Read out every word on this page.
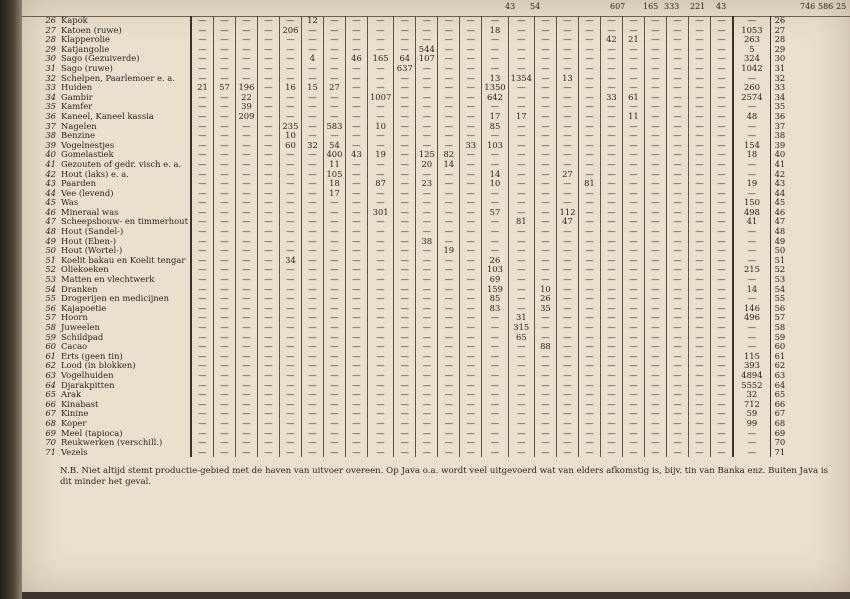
43 54	607 165 333 221 43	746 586 25
26	Kapok	—	—	—	—	—	12	—	—	—	—	—	—	—	—	—	—	—	—	—	—	—	—	—	—	—	26
27	Katoen (ruwe)	—	—	—	—	206	—	—	—	—	—	—	—	—	18	—	—	—	—	—	—	—	—	—	—	1053	27
28	Klapperolie	—	—	—	—	—	—	—	—	—	—	—	—	—	—	—	—	—	—	42	21	—	—	—	—	263	28
29	Katjangolie	—	—	—	—	—	—	—	—	—	—	544	—	—	—	—	—	—	—	—	—	—	—	—	—	5	29
30	Sago (Gezuiverde)	—	—	—	—	—	4	—	46	165	64	107	—	—	—	—	—	—	—	—	—	—	—	—	—	324	30
31	Sago (ruwe)	—	—	—	—	—	—	—	—	—	637	—	—	—	—	—	—	—	—	—	—	—	—	—	—	1042	31
32	Schelpen, Paarlemoer e. a.	—	—	—	—	—	—	—	—	—	—	—	—	—	13	1354	—	13	—	—	—	—	—	—	—	—	32
33	Huiden	21	57	196	—	16	15	27	—	—	—	—	—	—	1350	—	—	—	—	—	—	—	—	—	—	260	33
34	Gambir	—	—	22	—	—	—	—	—	1007	—	—	—	—	642	—	—	—	—	33	61	—	—	—	—	2574	34
35	Kamfer	—	—	39	—	—	—	—	—	—	—	—	—	—	—	—	—	—	—	—	—	—	—	—	—	—	35
36	Kaneel, Kaneel kassia	—	—	209	—	—	—	—	—	—	—	—	—	—	17	17	—	—	—	—	11	—	—	—	—	48	36
37	Nagelen	—	—	—	—	235	—	583	—	10	—	—	—	—	85	—	—	—	—	—	—	—	—	—	—	—	37
38	Benzine	—	—	—	—	10	—	—	—	—	—	—	—	—	—	—	—	—	—	—	—	—	—	—	—	—	38
39	Vogelnestjes	—	—	—	—	60	32	54	—	—	—	—	—	33	103	—	—	—	—	—	—	—	—	—	—	154	39
40	Gomelastiek	—	—	—	—	—	—	400	43	19	—	125	82	—	—	—	—	—	—	—	—	—	—	—	—	18	40
41	Gezouten of gedr. visch e. a.	—	—	—	—	—	—	11	—	—	—	20	14	—	—	—	—	—	—	—	—	—	—	—	—	—	41
42	Hout (laks) e. a.	—	—	—	—	—	—	105	—	—	—	—	—	—	14	—	—	27	—	—	—	—	—	—	—	—	42
43	Paarden	—	—	—	—	—	—	18	—	87	—	23	—	—	10	—	—	—	81	—	—	—	—	—	—	19	43
44	Vee (levend)	—	—	—	—	—	—	17	—	—	—	—	—	—	—	—	—	—	—	—	—	—	—	—	—	—	44
45	Was	—	—	—	—	—	—	—	—	—	—	—	—	—	—	—	—	—	—	—	—	—	—	—	—	150	45
46	Mineraal was	—	—	—	—	—	—	—	—	301	—	—	—	—	57	—	—	112	—	—	—	—	—	—	—	498	46
47	Scheepsbouw- en timmerhout	—	—	—	—	—	—	—	—	—	—	—	—	—	—	81	—	47	—	—	—	—	—	—	—	41	47
48	Hout (Sandel-)	—	—	—	—	—	—	—	—	—	—	—	—	—	—	—	—	—	—	—	—	—	—	—	—	—	48
49	Hout (Eben-)	—	—	—	—	—	—	—	—	—	—	38	—	—	—	—	—	—	—	—	—	—	—	—	—	—	49
50	Hout (Wortel-)	—	—	—	—	—	—	—	—	—	—	—	19	—	—	—	—	—	—	—	—	—	—	—	—	—	50
51	Koelit bakau en Koelit tengar	—	—	—	—	34	—	—	—	—	—	—	—	—	26	—	—	—	—	—	—	—	—	—	—	—	51
52	Oliekoeken	—	—	—	—	—	—	—	—	—	—	—	—	—	103	—	—	—	—	—	—	—	—	—	—	215	52
53	Matten en vlechtwerk	—	—	—	—	—	—	—	—	—	—	—	—	—	69	—	—	—	—	—	—	—	—	—	—	—	53
54	Dranken	—	—	—	—	—	—	—	—	—	—	—	—	—	159	—	10	—	—	—	—	—	—	—	—	14	54
55	Drogerijen en medicijnen	—	—	—	—	—	—	—	—	—	—	—	—	—	85	—	26	—	—	—	—	—	—	—	—	—	55
56	Kajapoetie	—	—	—	—	—	—	—	—	—	—	—	—	—	83	—	35	—	—	—	—	—	—	—	—	146	56
57	Hoorn	—	—	—	—	—	—	—	—	—	—	—	—	—	—	31	—	—	—	—	—	—	—	—	—	496	57
58	Juweelen	—	—	—	—	—	—	—	—	—	—	—	—	—	—	315	—	—	—	—	—	—	—	—	—	—	58
59	Schildpad	—	—	—	—	—	—	—	—	—	—	—	—	—	—	65	—	—	—	—	—	—	—	—	—	—	59
60	Cacao	—	—	—	—	—	—	—	—	—	—	—	—	—	—	—	88	—	—	—	—	—	—	—	—	—	60
61	Erts (geen tin)	—	—	—	—	—	—	—	—	—	—	—	—	—	—	—	—	—	—	—	—	—	—	—	—	115	61
62	Lood (in blokken)	—	—	—	—	—	—	—	—	—	—	—	—	—	—	—	—	—	—	—	—	—	—	—	—	393	62
63	Vogelhuiden	—	—	—	—	—	—	—	—	—	—	—	—	—	—	—	—	—	—	—	—	—	—	—	—	4894	63
64	Djarakpitten	—	—	—	—	—	—	—	—	—	—	—	—	—	—	—	—	—	—	—	—	—	—	—	—	5552	64
65	Arak	—	—	—	—	—	—	—	—	—	—	—	—	—	—	—	—	—	—	—	—	—	—	—	—	32	65
66	Kinabast	—	—	—	—	—	—	—	—	—	—	—	—	—	—	—	—	—	—	—	—	—	—	—	—	712	66
67	Kinine	—	—	—	—	—	—	—	—	—	—	—	—	—	—	—	—	—	—	—	—	—	—	—	—	59	67
68	Koper	—	—	—	—	—	—	—	—	—	—	—	—	—	—	—	—	—	—	—	—	—	—	—	—	99	68
69	Meel (tapioca)	—	—	—	—	—	—	—	—	—	—	—	—	—	—	—	—	—	—	—	—	—	—	—	—	—	69
70	Reukwerken (verschill.)	—	—	—	—	—	—	—	—	—	—	—	—	—	—	—	—	—	—	—	—	—	—	—	—	—	70
71	Vezels	—	—	—	—	—	—	—	—	—	—	—	—	—	—	—	—	—	—	—	—	—	—	—	—	—	71
N.B. Niet altijd stemt productie-gebied met de haven van uitvoer overeen. Op Java o.a. wordt veel uitgevoerd wat van elders afkomstig is, bijv. tin van Banka enz. Buiten Java is dit minder het geval.
